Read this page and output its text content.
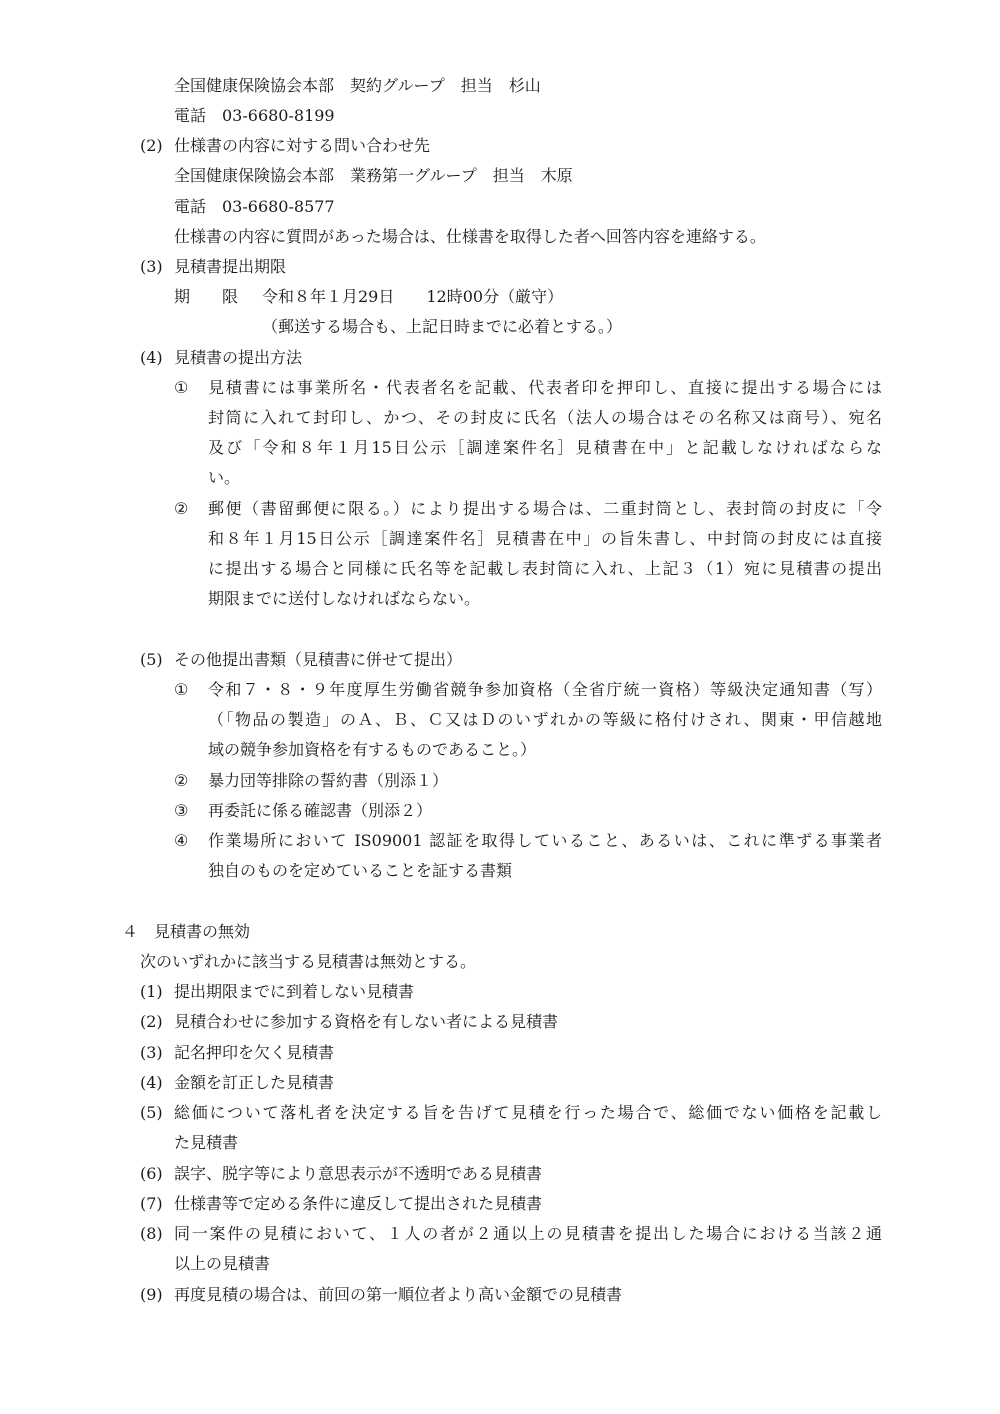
全国健康保険協会本部　契約グループ　担当　杉山
電話　03-6680-8199
(2) 仕様書の内容に対する問い合わせ先
全国健康保険協会本部　業務第一グループ　担当　木原
電話　03-6680-8577
仕様書の内容に質問があった場合は、仕様書を取得した者へ回答内容を連絡する。
(3) 見積書提出期限
期　　限 令和８年１月29日　　12時00分（厳守）
（郵送する場合も、上記日時までに必着とする。）
(4) 見積書の提出方法
① 見積書には事業所名・代表者名を記載、代表者印を押印し、直接に提出する場合には
封筒に入れて封印し、かつ、その封皮に氏名（法人の場合はその名称又は商号）、宛名
及び「令和８年１月15日公示［調達案件名］見積書在中」と記載しなければならな
い。
② 郵便（書留郵便に限る。）により提出する場合は、二重封筒とし、表封筒の封皮に「令
和８年１月15日公示［調達案件名］見積書在中」の旨朱書し、中封筒の封皮には直接
に提出する場合と同様に氏名等を記載し表封筒に入れ、上記３（1）宛に見積書の提出
期限までに送付しなければならない。
(5) その他提出書類（見積書に併せて提出）
① 令和７・８・９年度厚生労働省競争参加資格（全省庁統一資格）等級決定通知書（写）
（「物品の製造」のＡ、Ｂ、Ｃ又はＤのいずれかの等級に格付けされ、関東・甲信越地
域の競争参加資格を有するものであること。）
② 暴力団等排除の誓約書（別添１）
③ 再委託に係る確認書（別添２）
④ 作業場所において IS09001 認証を取得していること、あるいは、これに準ずる事業者
独自のものを定めていることを証する書類
４　見積書の無効
次のいずれかに該当する見積書は無効とする。
(1) 提出期限までに到着しない見積書
(2) 見積合わせに参加する資格を有しない者による見積書
(3) 記名押印を欠く見積書
(4) 金額を訂正した見積書
(5) 総価について落札者を決定する旨を告げて見積を行った場合で、総価でない価格を記載し
た見積書
(6) 誤字、脱字等により意思表示が不透明である見積書
(7) 仕様書等で定める条件に違反して提出された見積書
(8) 同一案件の見積において、１人の者が２通以上の見積書を提出した場合における当該２通
以上の見積書
(9) 再度見積の場合は、前回の第一順位者より高い金額での見積書
